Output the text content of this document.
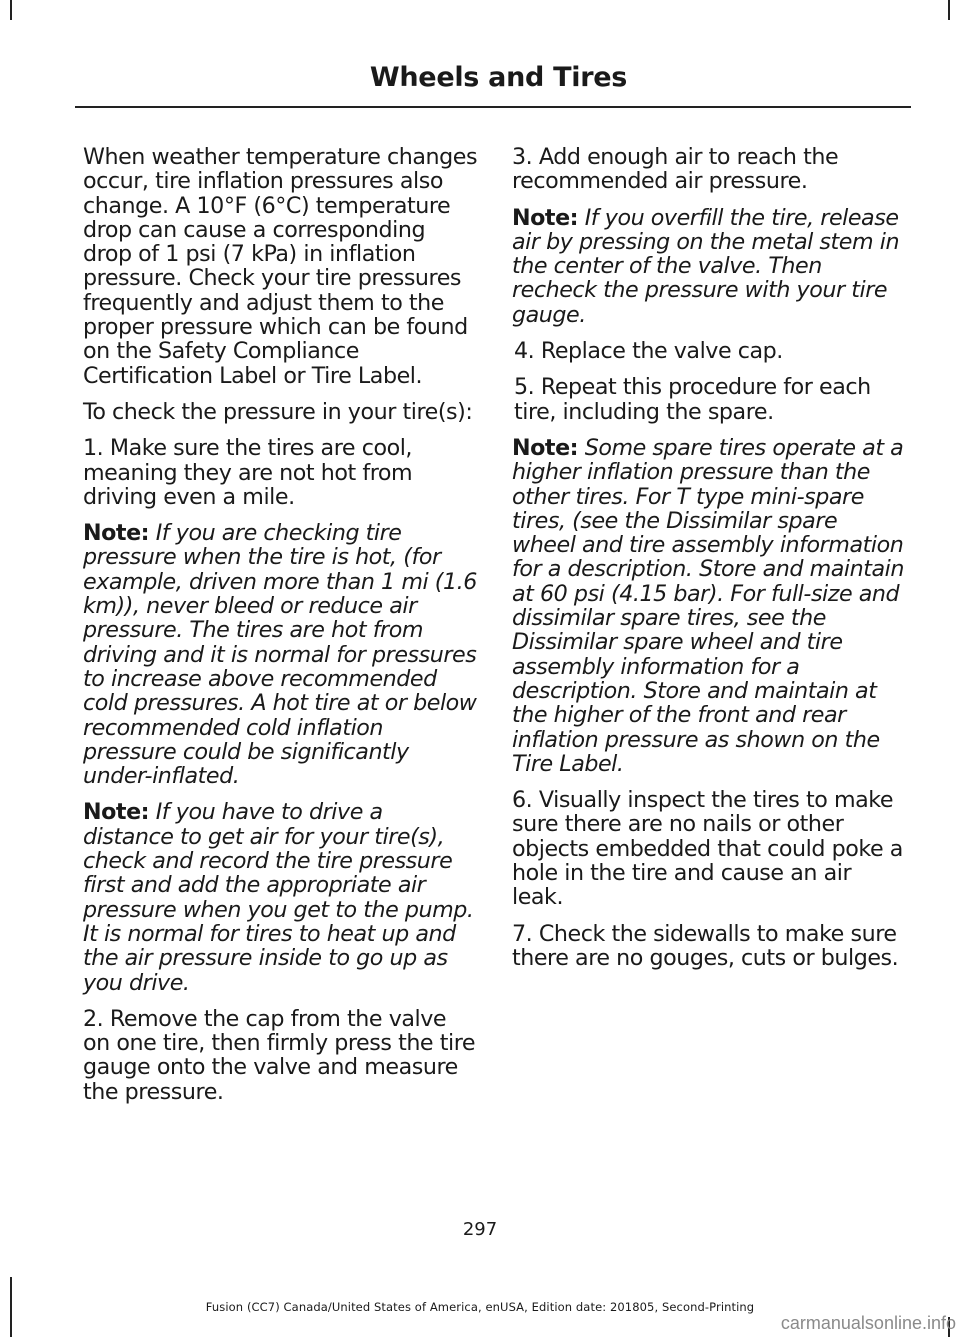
Wheels and Tires

When weather temperature changes occur, tire inflation pressures also change. A 10°F (6°C) temperature drop can cause a corresponding drop of 1 psi (7 kPa) in inflation pressure. Check your tire pressures frequently and adjust them to the proper pressure which can be found on the Safety Compliance Certification Label or Tire Label.

To check the pressure in your tire(s):

1. Make sure the tires are cool, meaning they are not hot from driving even a mile.

Note: If you are checking tire pressure when the tire is hot, (for example, driven more than 1 mi (1.6 km)), never bleed or reduce air pressure. The tires are hot from driving and it is normal for pressures to increase above recommended cold pressures. A hot tire at or below recommended cold inflation pressure could be significantly under-inflated.

Note: If you have to drive a distance to get air for your tire(s), check and record the tire pressure first and add the appropriate air pressure when you get to the pump. It is normal for tires to heat up and the air pressure inside to go up as you drive.

2. Remove the cap from the valve on one tire, then firmly press the tire gauge onto the valve and measure the pressure.

3. Add enough air to reach the recommended air pressure.

Note: If you overfill the tire, release air by pressing on the metal stem in the center of the valve. Then recheck the pressure with your tire gauge.

4. Replace the valve cap.

5. Repeat this procedure for each tire, including the spare.

Note: Some spare tires operate at a higher inflation pressure than the other tires. For T type mini-spare tires, (see the Dissimilar spare wheel and tire assembly information for a description. Store and maintain at 60 psi (4.15 bar). For full-size and dissimilar spare tires, see the Dissimilar spare wheel and tire assembly information for a description. Store and maintain at the higher of the front and rear inflation pressure as shown on the Tire Label.

6. Visually inspect the tires to make sure there are no nails or other objects embedded that could poke a hole in the tire and cause an air leak.

7. Check the sidewalls to make sure there are no gouges, cuts or bulges.

297
Fusion (CC7) Canada/United States of America, enUSA, Edition date: 201805, Second-Printing
carmanualsonline.info
